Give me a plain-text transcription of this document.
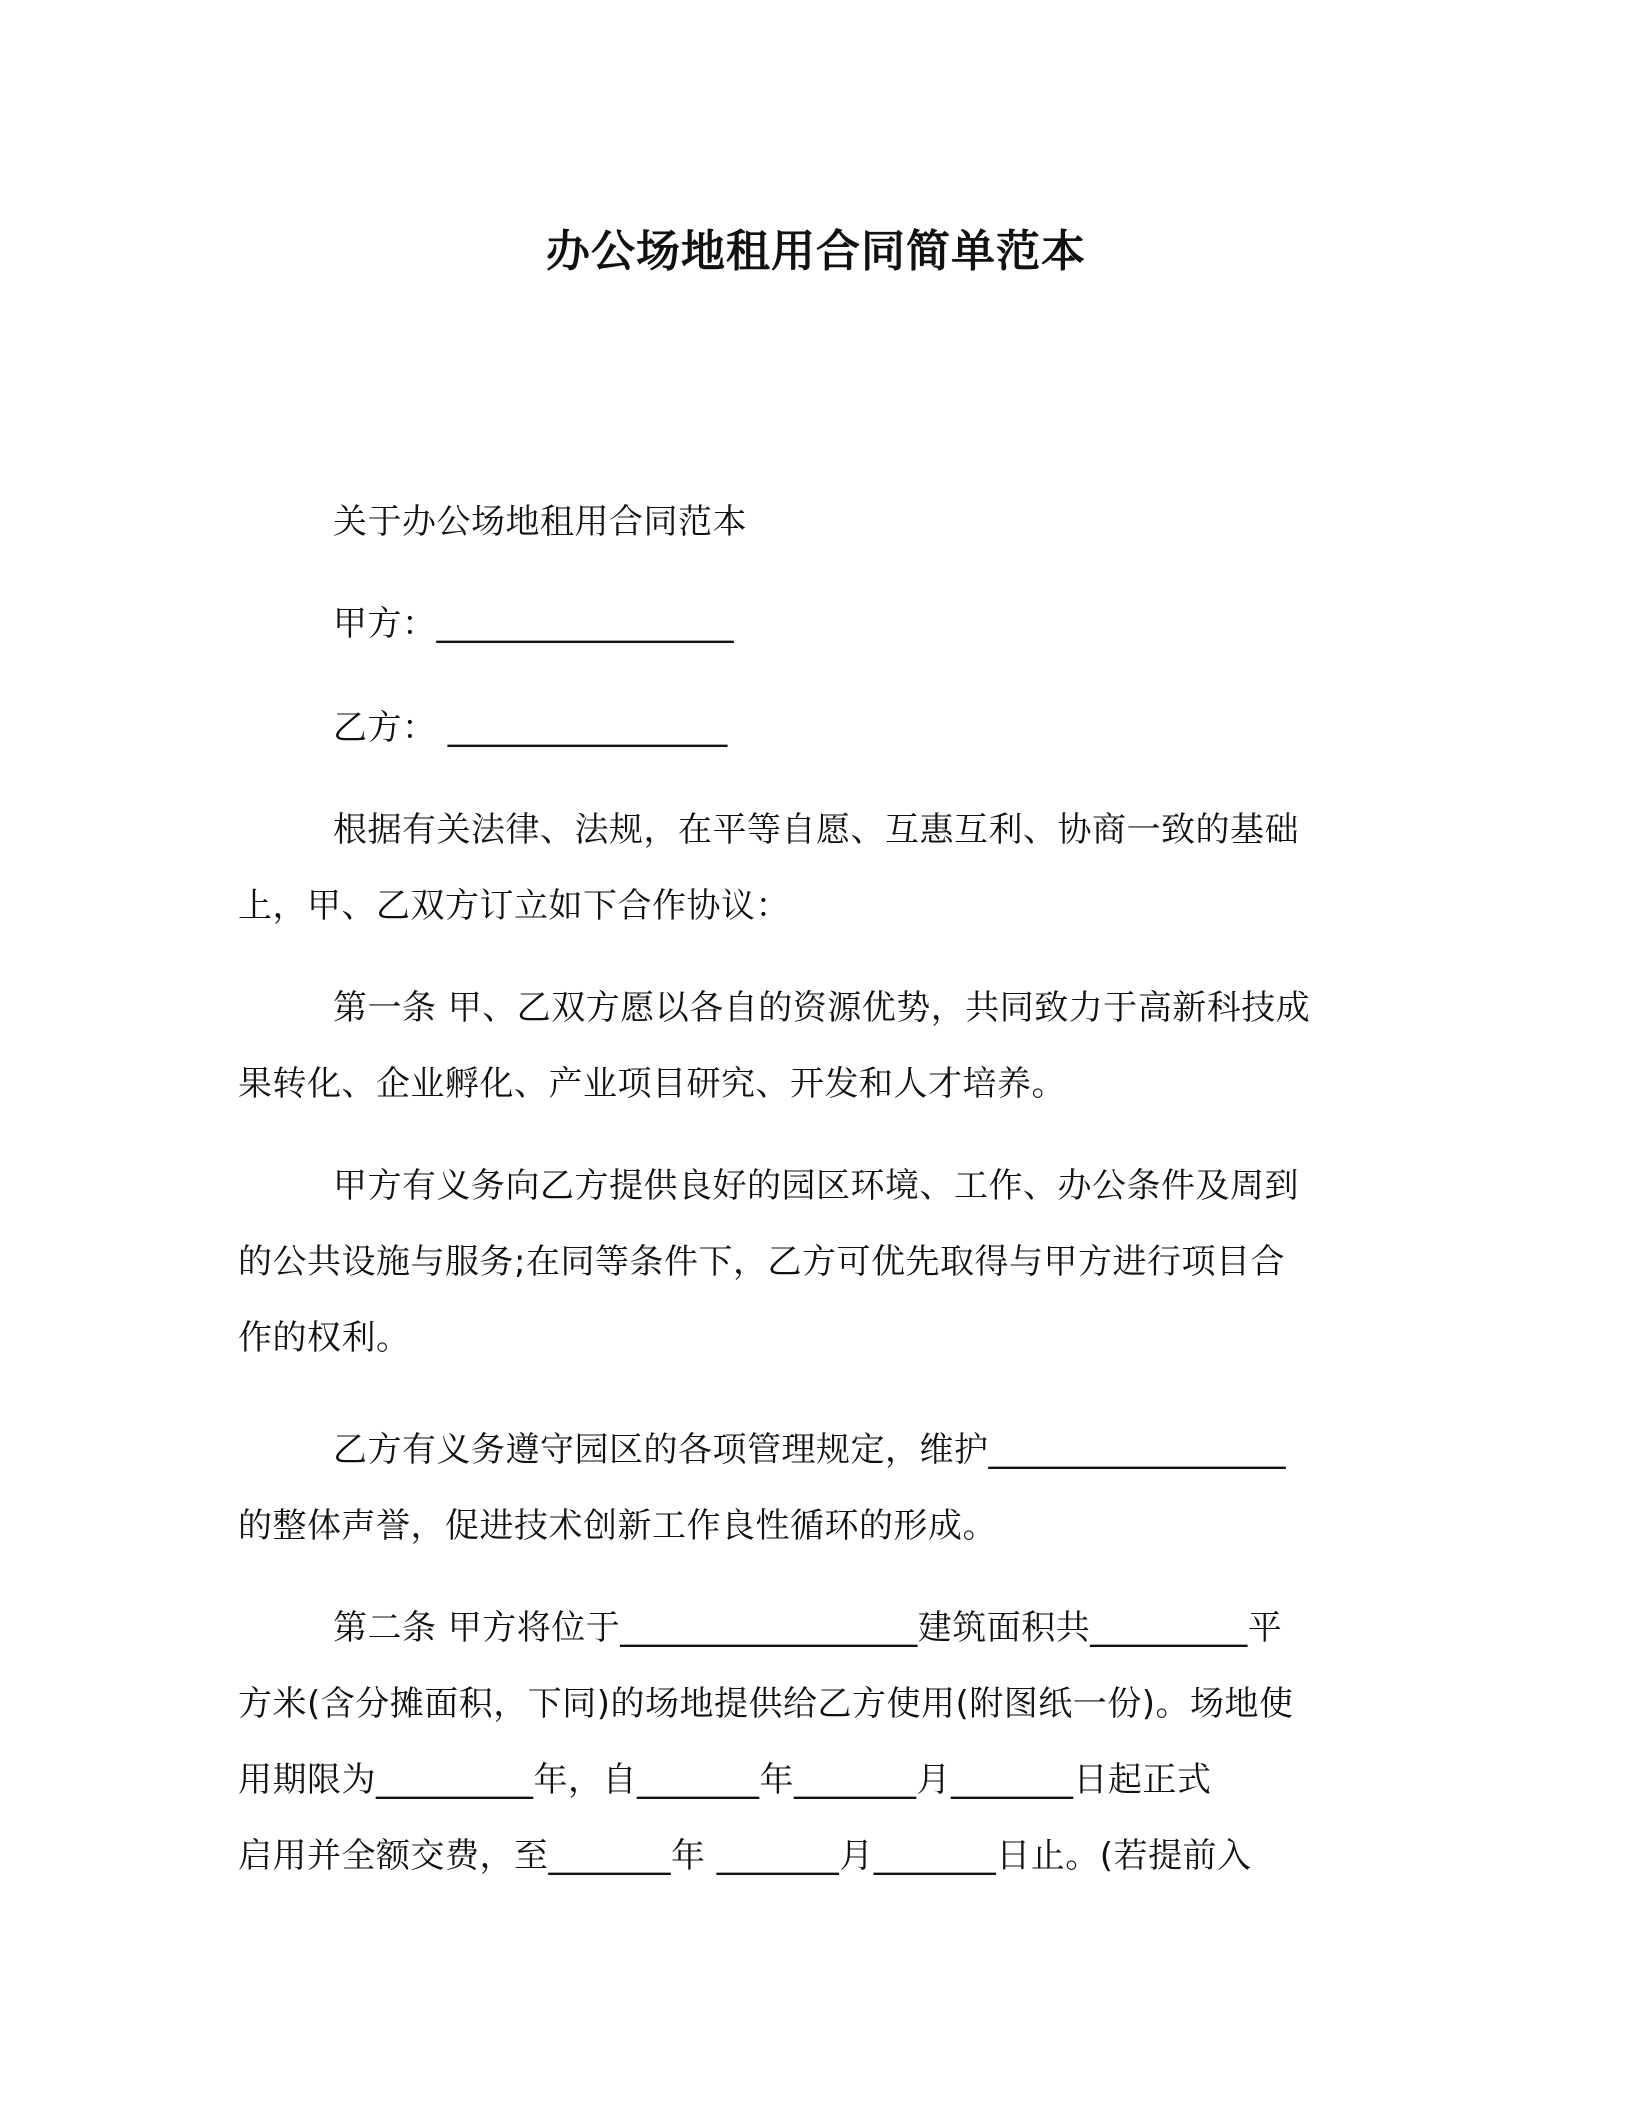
办公场地租用合同简单范本
关于办公场地租用合同范本
甲方：_________________
乙方： ________________
根据有关法律、法规，在平等自愿、互惠互利、协商一致的基础
上，甲、乙双方订立如下合作协议：
第一条 甲、乙双方愿以各自的资源优势，共同致力于高新科技成
果转化、企业孵化、产业项目研究、开发和人才培养。
甲方有义务向乙方提供良好的园区环境、工作、办公条件及周到
的公共设施与服务;在同等条件下，乙方可优先取得与甲方进行项目合
作的权利。
乙方有义务遵守园区的各项管理规定，维护_________________
的整体声誉，促进技术创新工作良性循环的形成。
第二条 甲方将位于_________________建筑面积共_________平
方米(含分摊面积，下同)的场地提供给乙方使用(附图纸一份)。场地使
用期限为_________年，自_______年_______月_______日起正式
启用并全额交费，至_______年 _______月_______日止。(若提前入
